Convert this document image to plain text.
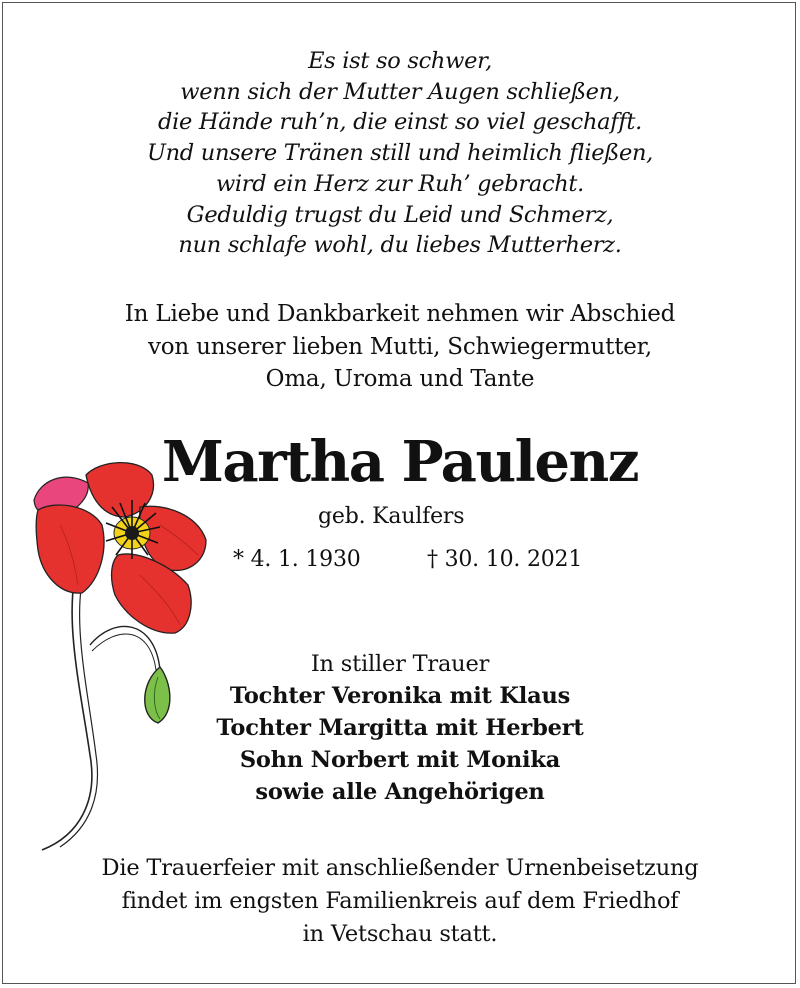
Es ist so schwer,
wenn sich der Mutter Augen schließen,
die Hände ruh’n, die einst so viel geschafft.
Und unsere Tränen still und heimlich fließen,
wird ein Herz zur Ruh’ gebracht.
Geduldig trugst du Leid und Schmerz,
nun schlafe wohl, du liebes Mutterherz.
In Liebe und Dankbarkeit nehmen wir Abschied
von unserer lieben Mutti, Schwiegermutter,
Oma, Uroma und Tante
Martha Paulenz
geb. Kaulfers
* 4. 1. 1930	† 30. 10. 2021
In stiller Trauer
Tochter Veronika mit Klaus
Tochter Margitta mit Herbert
Sohn Norbert mit Monika
sowie alle Angehörigen
Die Trauerfeier mit anschließender Urnenbeisetzung
findet im engsten Familienkreis auf dem Friedhof
in Vetschau statt.
